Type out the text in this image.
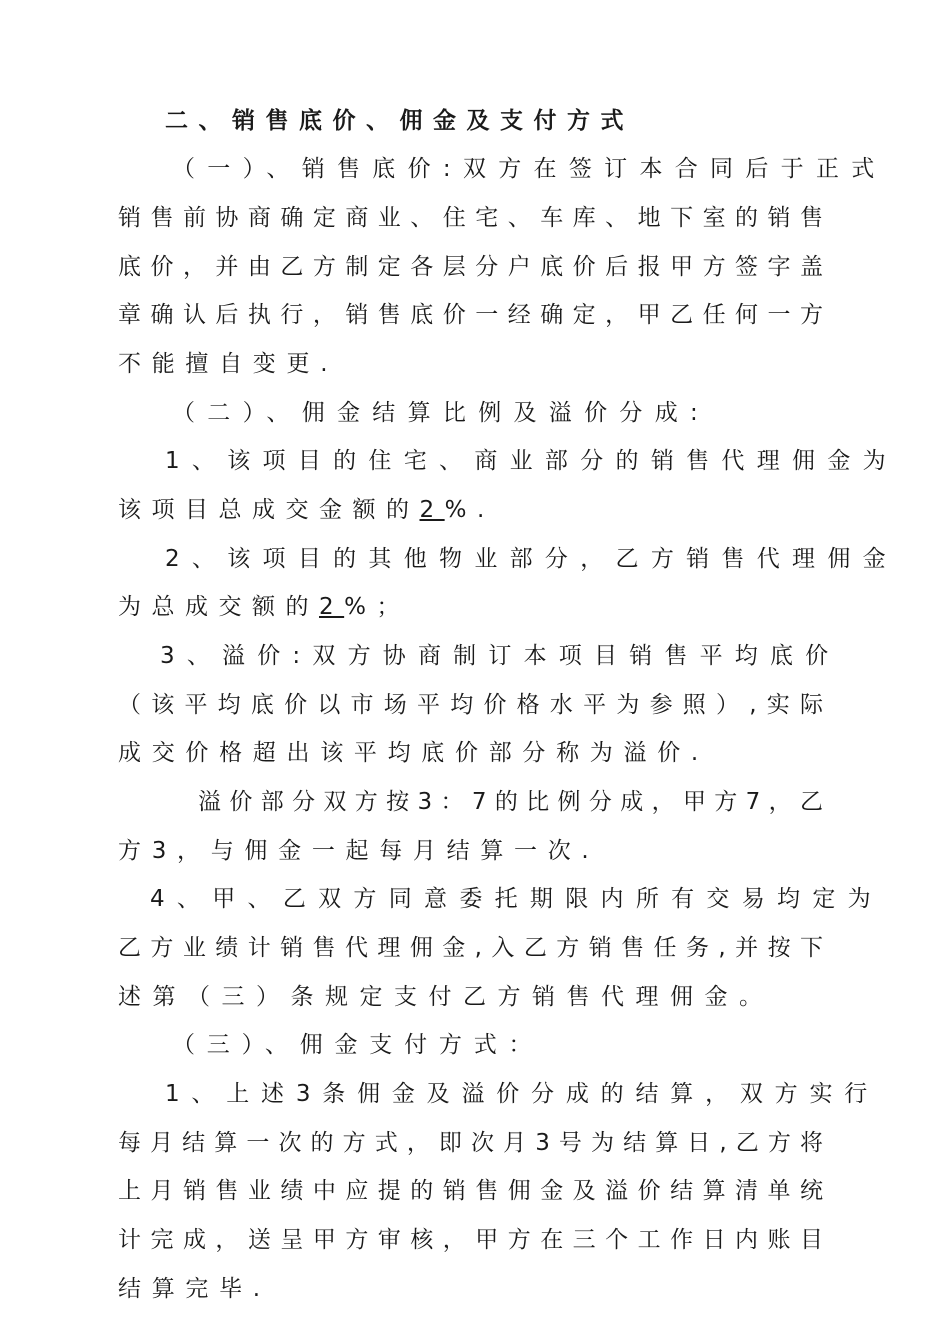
二、销售底价、佣金及支付方式
（一）、销售底价:双方在签订本合同后于正式
销售前协商确定商业、住宅、车库、地下室的销售
底价，并由乙方制定各层分户底价后报甲方签字盖
章确认后执行，销售底价一经确定，甲乙任何一方
不能擅自变更.
（二）、佣金结算比例及溢价分成:
1、该项目的住宅、商业部分的销售代理佣金为
该项目总成交金额的2%.
2、该项目的其他物业部分，乙方销售代理佣金
为总成交额的2%；
3、溢价:双方协商制订本项目销售平均底价
（该平均底价以市场平均价格水平为参照）,实际
成交价格超出该平均底价部分称为溢价.
溢价部分双方按3：7的比例分成，甲方7，乙
方3，与佣金一起每月结算一次.
4、甲、乙双方同意委托期限内所有交易均定为
乙方业绩计销售代理佣金,入乙方销售任务,并按下
述第（三）条规定支付乙方销售代理佣金。
（三）、佣金支付方式：
1、上述3条佣金及溢价分成的结算，双方实行
每月结算一次的方式，即次月3号为结算日,乙方将
上月销售业绩中应提的销售佣金及溢价结算清单统
计完成，送呈甲方审核，甲方在三个工作日内账目
结算完毕.
